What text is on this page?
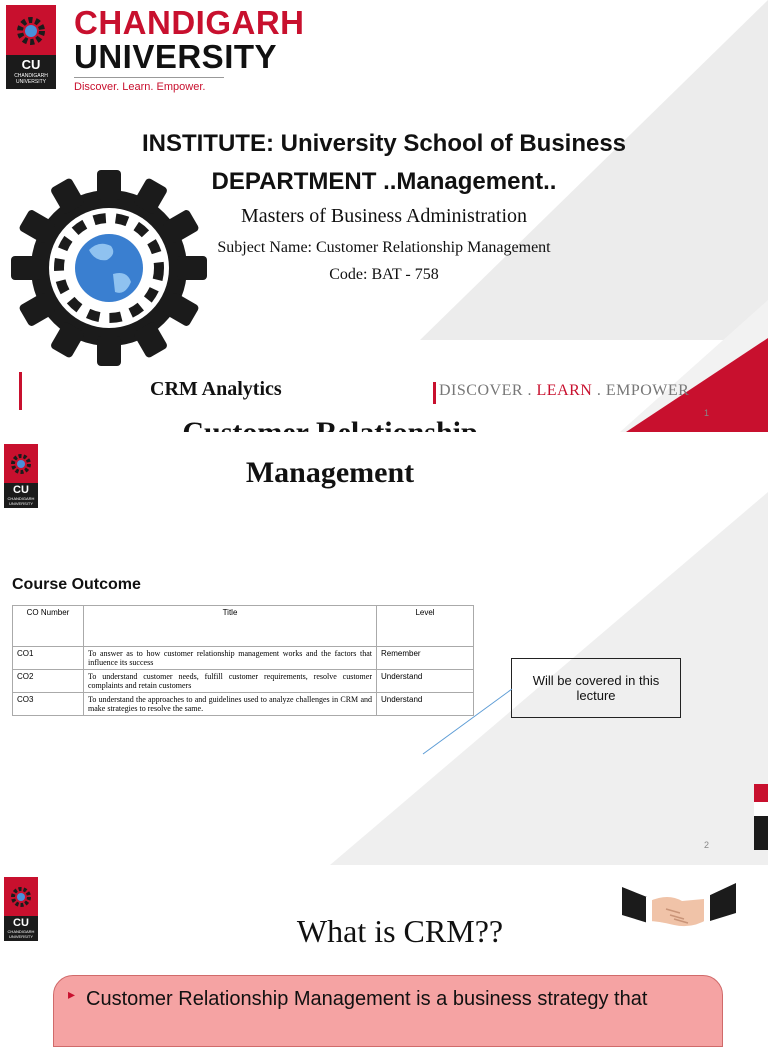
CU
CHANDIGARH UNIVERSITY
CHANDIGARH
UNIVERSITY
Discover. Learn. Empower.
INSTITUTE: University School of Business
DEPARTMENT ..Management..
Masters of Business Administration
Subject Name: Customer Relationship Management
Code: BAT - 758
CRM Analytics	DISCOVER . LEARN . EMPOWER
1

Management
CU
CHANDIGARH UNIVERSITY
Course Outcome
CO Number	Title	Level
CO1	To answer as to how customer relationship management works and the factors that influence its success	Remember
CO2	To understand customer needs, fulfill customer requirements, resolve customer complaints and retain customers	Understand
CO3	To understand the approaches to and guidelines used to analyze challenges in CRM and make strategies to resolve the same.	Understand
Will be covered in this lecture
2
CU
CHANDIGARH UNIVERSITY	What is CRM??
▸ Customer Relationship Management is a business strategy that
